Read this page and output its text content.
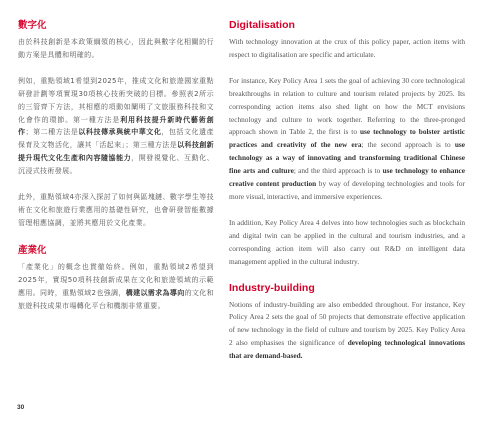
數字化

由於科技創新是本政策綱領的核心，因此與數字化相關的行動方案是具體和明確的。

例如，重點領域1希望到2025年，推成文化和旅遊國家重點研發計劃等項實現30項核心技術突破的目標。參照表2所示的三管齊下方法，其相應的項動如闡明了文旅服務科技和文化會作的環節。第一種方法是利用科技提升新時代藝術創作；第二種方法是以科技傳承與統中華文化，包括文化遺產保育及文物活化，讓其「活起來」；第三種方法是以科技創新提升現代文化生產和內容隨協能力，開發視覺化、互動化、沉浸式技術發展。

此外，重點領域4亦深入探討了如何與區塊鏈、數字學生等技術在文化和旅遊行業應用的基礎性研究，也會研發智能數據管理相應協調，並將其應用於文化產業。

產業化

「產業化」的概念也貫徹始終。例如，重點領域2希望到2025年，實現50項科技創新成果在文化和旅遊領域的示範應用。同時，重點領域2也強調，構建以需求為導向的文化和旅遊科技成果市場轉化平台和機制非常重要。

Digitalisation

With technology innovation at the crux of this policy paper, action items with respect to digitalisation are specific and articulate.

For instance, Key Policy Area 1 sets the goal of achieving 30 core technological breakthroughs in relation to culture and tourism related projects by 2025. Its corresponding action items also shed light on how the MCT envisions technology and culture to work together. Referring to the three-pronged approach shown in Table 2, the first is to use technology to bolster artistic practices and creativity of the new era; the second approach is to use technology as a way of innovating and transforming traditional Chinese fine arts and culture; and the third approach is to use technology to enhance creative content production by way of developing technologies and tools for more visual, interactive, and immersive experiences.

In addition, Key Policy Area 4 delves into how technologies such as blockchain and digital twin can be applied in the cultural and tourism industries, and a corresponding action item will also carry out R&D on intelligent data management applied in the cultural industry.

Industry-building

Notions of industry-building are also embedded throughout. For instance, Key Policy Area 2 sets the goal of 50 projects that demonstrate effective application of new technology in the field of culture and tourism by 2025. Key Policy Area 2 also emphasises the significance of developing technological innovations that are demand-based.

30
